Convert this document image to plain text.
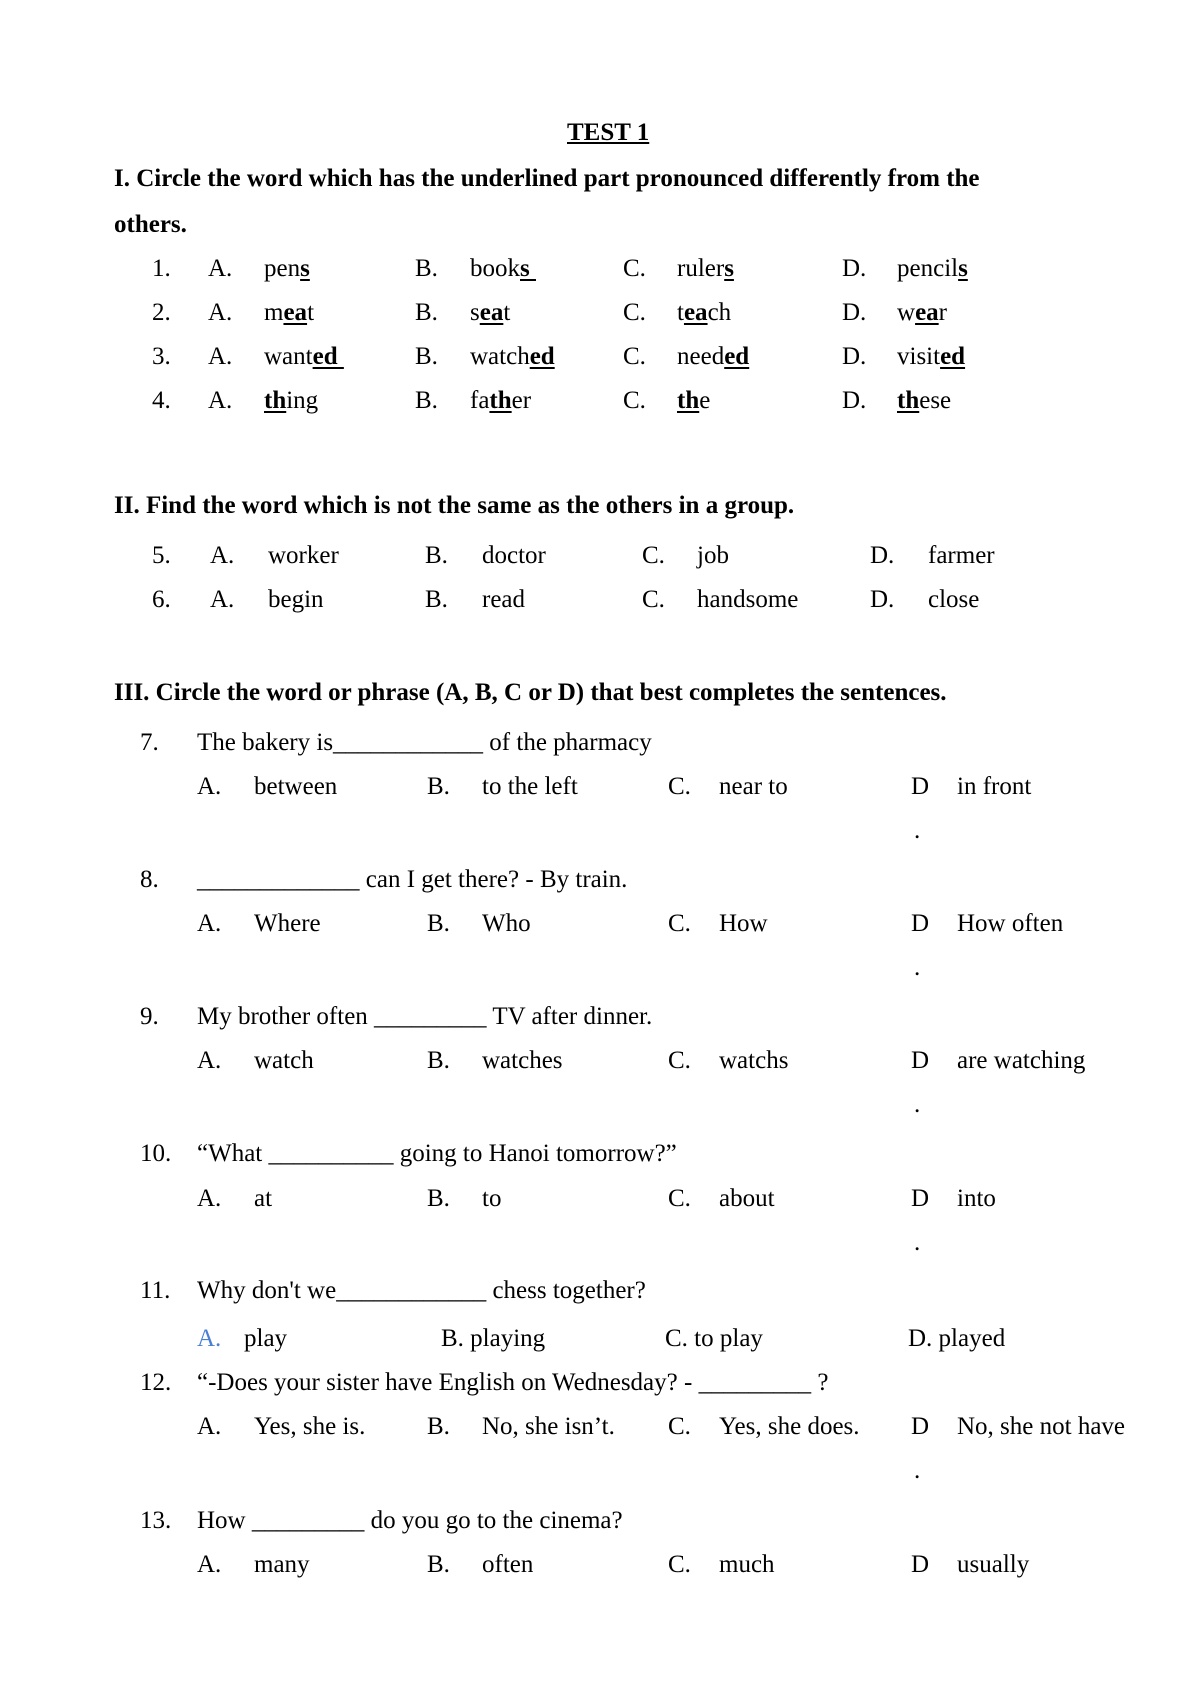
TEST 1
I. Circle the word which has the underlined part pronounced differently from the
others.
1. A. pens	B. books	C. rulers	D. pencils
2. A. meat	B. seat	C. teach	D. wear
3. A. wanted	B. watched	C. needed	D. visited
4. A. thing	B. father	C. the	D. these
II. Find the word which is not the same as the others in a group.
5. A. worker	B. doctor	C. job	D. farmer
6. A. begin	B. read	C. handsome	D. close
III. Circle the word or phrase (A, B, C or D) that best completes the sentences.
7. The bakery is____________ of the pharmacy
A. between	B. to the left	C. near to	D in front
.
8. _____________ can I get there? - By train.
A. Where	B. Who	C. How	D How often
.
9. My brother often _________ TV after dinner.
A. watch	B. watches	C. watchs	D are watching
.
10. “What __________ going to Hanoi tomorrow?”
A. at	B. to	C. about	D into
.
11. Why don't we____________ chess together?
A. play	B. playing	C. to play	D. played
12. “-Does your sister have English on Wednesday? - _________ ?
A. Yes, she is. B. No, she isn’t. C. Yes, she does. D No, she not have
.
13. How _________ do you go to the cinema?
A. many	B. often	C. much	D usually
